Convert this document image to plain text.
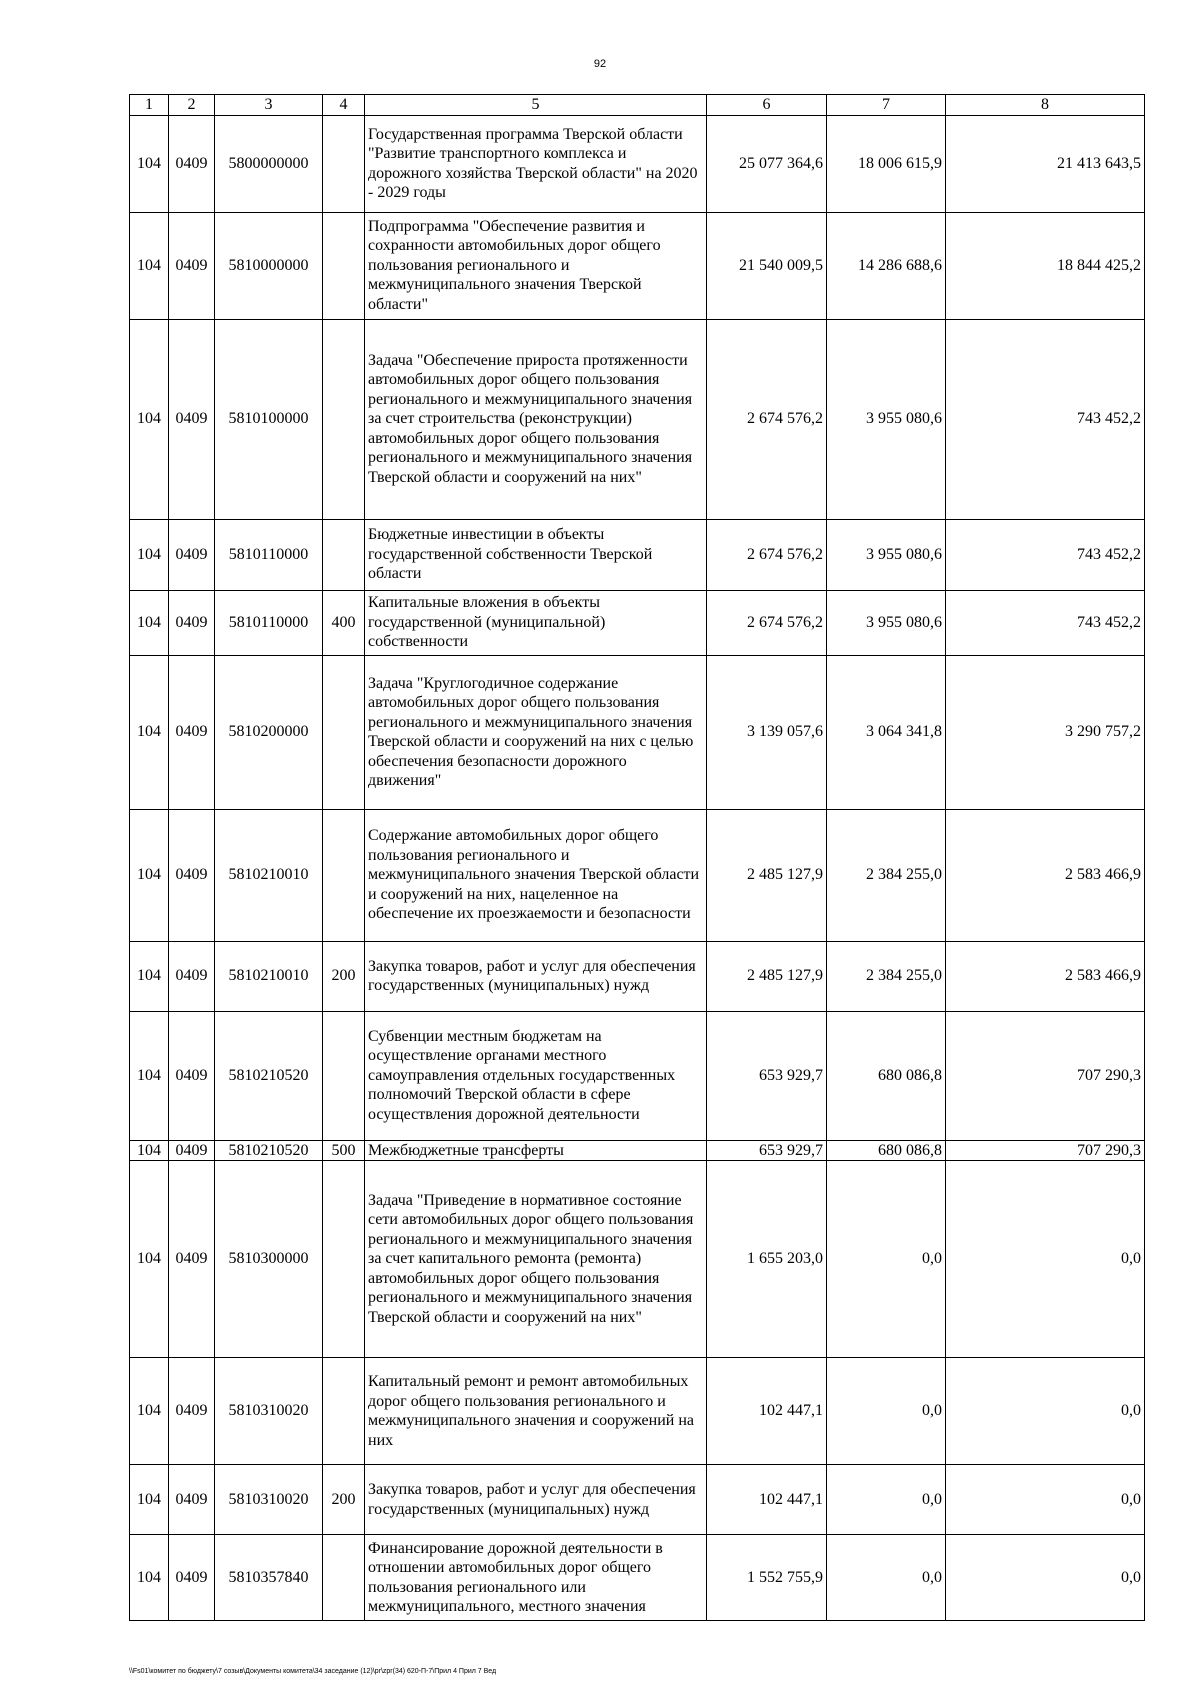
92
1	2	3	4	5	6	7	8
104	0409	5800000000		Государственная программа Тверской области "Развитие транспортного комплекса и дорожного хозяйства Тверской области" на 2020 - 2029 годы	25 077 364,6	18 006 615,9	21 413 643,5
104	0409	5810000000		Подпрограмма "Обеспечение развития и сохранности автомобильных дорог общего пользования регионального и межмуниципального значения Тверской области"	21 540 009,5	14 286 688,6	18 844 425,2
104	0409	5810100000		Задача "Обеспечение прироста протяженности автомобильных дорог общего пользования регионального и межмуниципального значения за счет строительства (реконструкции) автомобильных дорог общего пользования регионального и межмуниципального значения Тверской области и сооружений на них"	2 674 576,2	3 955 080,6	743 452,2
104	0409	5810110000		Бюджетные инвестиции в объекты государственной собственности Тверской области	2 674 576,2	3 955 080,6	743 452,2
104	0409	5810110000	400	Капитальные вложения в объекты государственной (муниципальной) собственности	2 674 576,2	3 955 080,6	743 452,2
104	0409	5810200000		Задача "Круглогодичное содержание автомобильных дорог общего пользования регионального и межмуниципального значения Тверской области и сооружений на них с целью обеспечения безопасности дорожного движения"	3 139 057,6	3 064 341,8	3 290 757,2
104	0409	5810210010		Содержание автомобильных дорог общего пользования регионального и межмуниципального значения Тверской области и сооружений на них, нацеленное на обеспечение их проезжаемости и безопасности	2 485 127,9	2 384 255,0	2 583 466,9
104	0409	5810210010	200	Закупка товаров, работ и услуг для обеспечения государственных (муниципальных) нужд	2 485 127,9	2 384 255,0	2 583 466,9
104	0409	5810210520		Субвенции местным бюджетам на осуществление органами местного самоуправления отдельных государственных полномочий Тверской области в сфере осуществления дорожной деятельности	653 929,7	680 086,8	707 290,3
104	0409	5810210520	500	Межбюджетные трансферты	653 929,7	680 086,8	707 290,3
104	0409	5810300000		Задача "Приведение в нормативное состояние сети автомобильных дорог общего пользования регионального и межмуниципального значения за счет капитального ремонта (ремонта) автомобильных дорог общего пользования регионального и межмуниципального значения Тверской области и сооружений на них"	1 655 203,0	0,0	0,0
104	0409	5810310020		Капитальный ремонт и ремонт автомобильных дорог общего пользования регионального и межмуниципального значения и сооружений на них	102 447,1	0,0	0,0
104	0409	5810310020	200	Закупка товаров, работ и услуг для обеспечения государственных (муниципальных) нужд	102 447,1	0,0	0,0
104	0409	5810357840		Финансирование дорожной деятельности в отношении автомобильных дорог общего пользования регионального или межмуниципального, местного значения	1 552 755,9	0,0	0,0
\\Fs01\комитет по бюджету\7 созыв\Документы комитета\34 заседание (12)\pr\zpr(34) 620-П-7\Прил 4 Прил 7 Вед
